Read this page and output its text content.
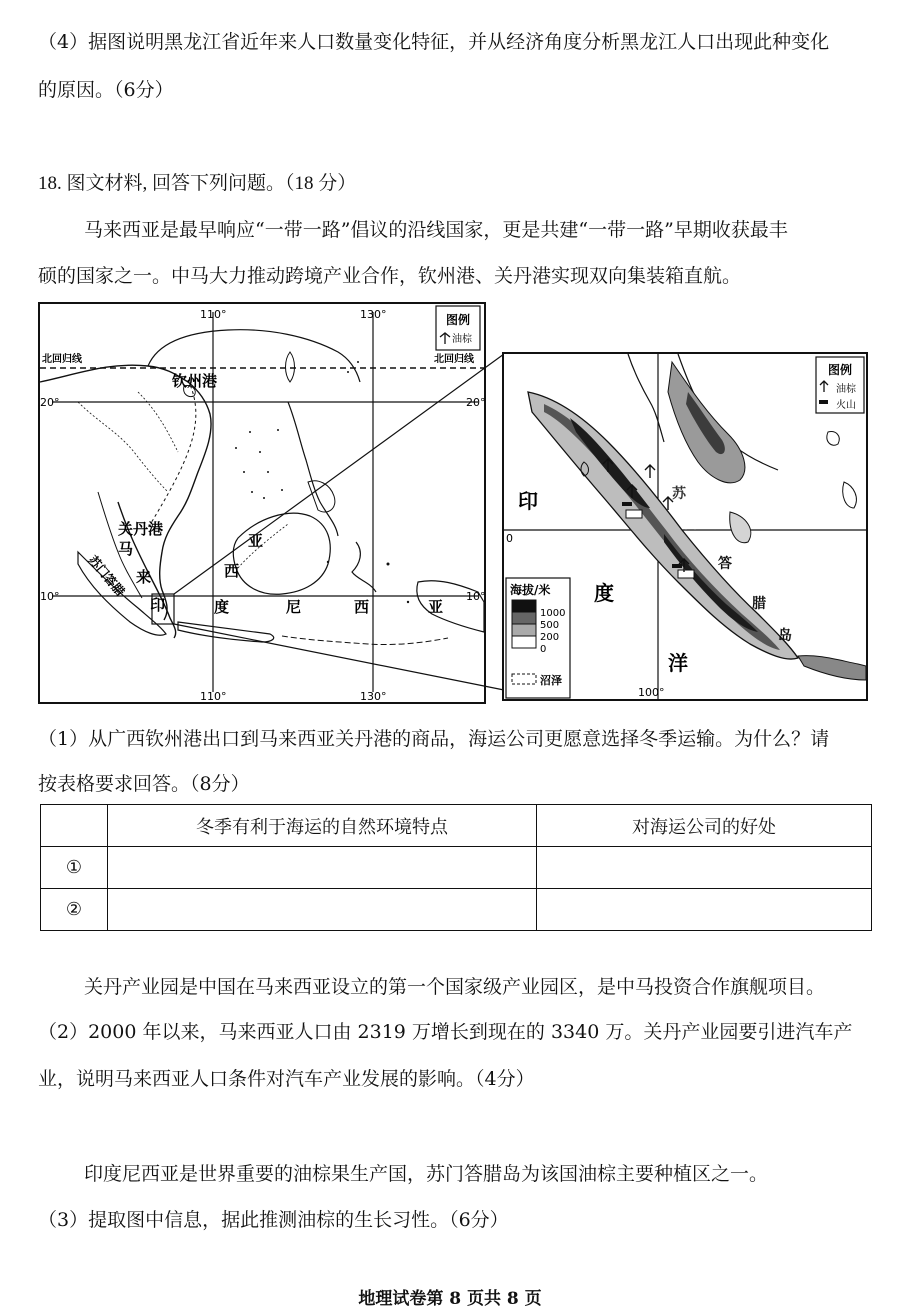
（4）据图说明黑龙江省近年来人口数量变化特征，并从经济角度分析黑龙江人口出现此种变化
的原因。（6分）
18. 图文材料, 回答下列问题。（18 分）
马来西亚是最早响应“一带一路”倡议的沿线国家，更是共建“一带一路”早期收获最丰
硕的国家之一。中马大力推动跨境产业合作，钦州港、关丹港实现双向集装箱直航。
图例
油棕
北回归线	北回归线
110°	130°
110°	130°
20°	20°
10°	10°
钦州港
关丹港
马
来	西
亚
印	度	尼	西	亚
苏门答腊
图例
油棕
火山
印
度
洋
苏
门
答
腊
岛
0
100°
海拔/米
1000
500
200
0
沼泽
（1）从广西钦州港出口到马来西亚关丹港的商品，海运公司更愿意选择冬季运输。为什么？请
按表格要求回答。（8分）
	冬季有利于海运的自然环境特点	对海运公司的好处
①		
②		
关丹产业园是中国在马来西亚设立的第一个国家级产业园区，是中马投资合作旗舰项目。
（2）2000 年以来，马来西亚人口由 2319 万增长到现在的 3340 万。关丹产业园要引进汽车产
业，说明马来西亚人口条件对汽车产业发展的影响。（4分）
印度尼西亚是世界重要的油棕果生产国，苏门答腊岛为该国油棕主要种植区之一。
（3）提取图中信息，据此推测油棕的生长习性。（6分）
地理试卷第 8 页共 8 页
